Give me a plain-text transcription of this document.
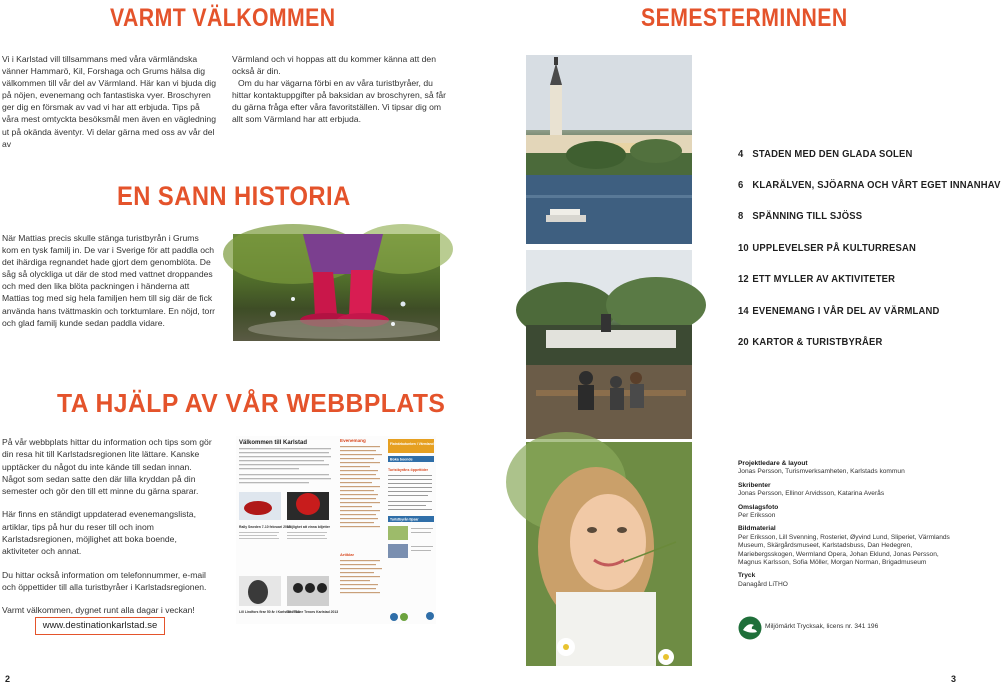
VARMT VÄLKOMMEN	SEMESTERMINNEN
EN SANN HISTORIA
TA HJÄLP AV VÅR WEBBPLATS

Vi i Karlstad vill tillsammans med våra värmländska vänner Hammarö, Kil, Forshaga och Grums hälsa dig välkommen till vår del av Värmland. Här kan vi bjuda dig på nöjen, evenemang och fantastiska vyer. Broschyren ger dig en försmak av vad vi har att erbjuda. Tips på våra mest omtyckta besöksmål men även en vägledning ut på okända äventyr. Vi delar gärna med oss av vår del av

Värmland och vi hoppas att du kommer känna att den också är din.

Om du har vägarna förbi en av våra turistbyråer, du hittar kontaktuppgifter på baksidan av broschyren, så får du gärna fråga efter våra favoritställen. Vi tipsar dig om allt som Värmland har att erbjuda.

När Mattias precis skulle stänga turistbyrån i Grums kom en tysk familj in. De var i Sverige för att paddla och det ihärdiga regnandet hade gjort dem genomblöta. De såg så olyckliga ut där de stod med vattnet droppandes och med den lika blöta packningen i händerna att Mattias tog med sig hela familjen hem till sig där de fick använda hans tvättmaskin och torktumlare. En nöjd, torr och glad familj kunde sedan paddla vidare.

På vår webbplats hittar du information och tips som gör din resa hit till Karlstadsregionen lite lättare. Kanske upptäcker du något du inte kände till sedan innan. Något som sedan satte den där lilla kryddan på din semester och gör den till ett minne du gärna sparar.

Här finns en ständigt uppdaterad evenemangslista, artiklar, tips på hur du reser till och inom Karlstadsregionen, möjlighet att boka boende, aktiviteter och annat.

Du hittar också information om telefonnummer, e-mail och öppettider till alla turistbyråer i Karlstadsregionen.

Varmt välkommen, dygnet runt alla dagar i veckan!

www.destinationkarlstad.se
Välkommen till Karlstad
Rally Sweden 7-10 februari 2013
Möjlighet att vinna biljetter
Lill Lindfors firar 50 år i Karlstad 2013
The Three Tenors Karlstad 2013
Evenemang
Artiklar
Flatnärbutunken i Värmland
Boka boende
Turistbyråns öppettider
Turistbyrån tipsar
4 STADEN MED DEN GLADA SOLEN
6 KLARÄLVEN, SJÖARNA OCH VÅRT EGET INNANHAV
8 SPÄNNING TILL SJÖSS
10 UPPLEVELSER PÅ KULTURRESAN
12 ETT MYLLER AV AKTIVITETER
14 EVENEMANG I VÅR DEL AV VÄRMLAND
20 KARTOR & TURISTBYRÅER
Projektledare & layout
Jonas Persson, Turismverksamheten, Karlstads kommun
Skribenter
Jonas Persson, Ellinor Arvidsson, Katarina Averås
Omslagsfoto
Per Eriksson
Bildmaterial
Per Eriksson, Lill Svenning, Rosteriet, Øyvind Lund, Sliperiet, Värmlands Museum, Skärgårdsmuseet, Karlstadsbuss, Dan Hedegren, Mariebergsskogen, Wermland Opera, Johan Eklund, Jonas Persson, Magnus Karlsson, Sofia Möller, Morgan Norman, Brigadmuseum
Tryck
Danagård LiTHO
Miljömärkt Trycksak, licens nr. 341 196
2	3
